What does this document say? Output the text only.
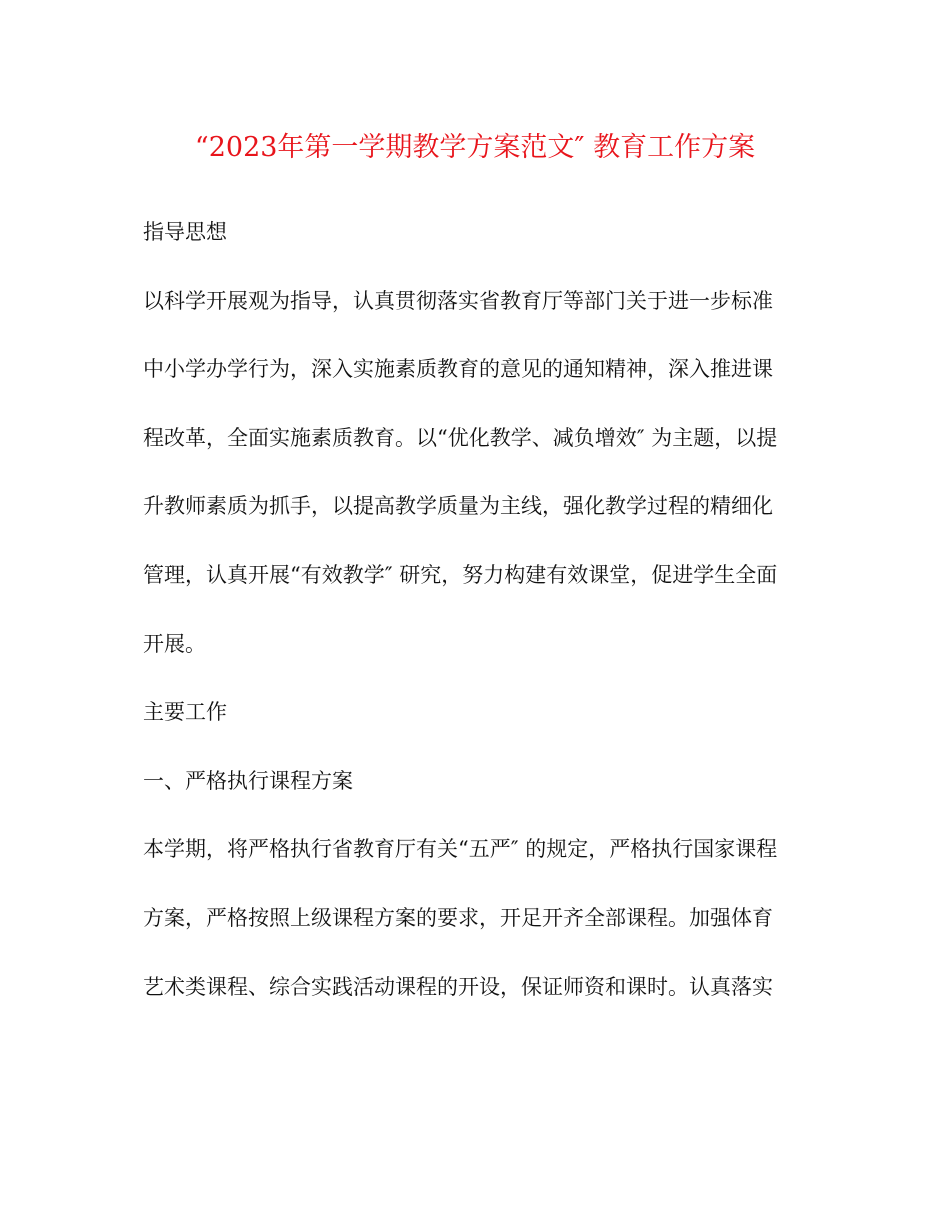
“2023年第一学期教学方案范文″ 教育工作方案
指导思想
以科学开展观为指导，认真贯彻落实省教育厅等部门关于进一步标准
中小学办学行为，深入实施素质教育的意见的通知精神，深入推进课
程改革，全面实施素质教育。以“优化教学、减负增效″ 为主题，以提
升教师素质为抓手，以提高教学质量为主线，强化教学过程的精细化
管理，认真开展“有效教学″ 研究，努力构建有效课堂，促进学生全面
开展。
主要工作
一、严格执行课程方案
本学期，将严格执行省教育厅有关“五严″ 的规定，严格执行国家课程
方案，严格按照上级课程方案的要求，开足开齐全部课程。加强体育
艺术类课程、综合实践活动课程的开设，保证师资和课时。认真落实
